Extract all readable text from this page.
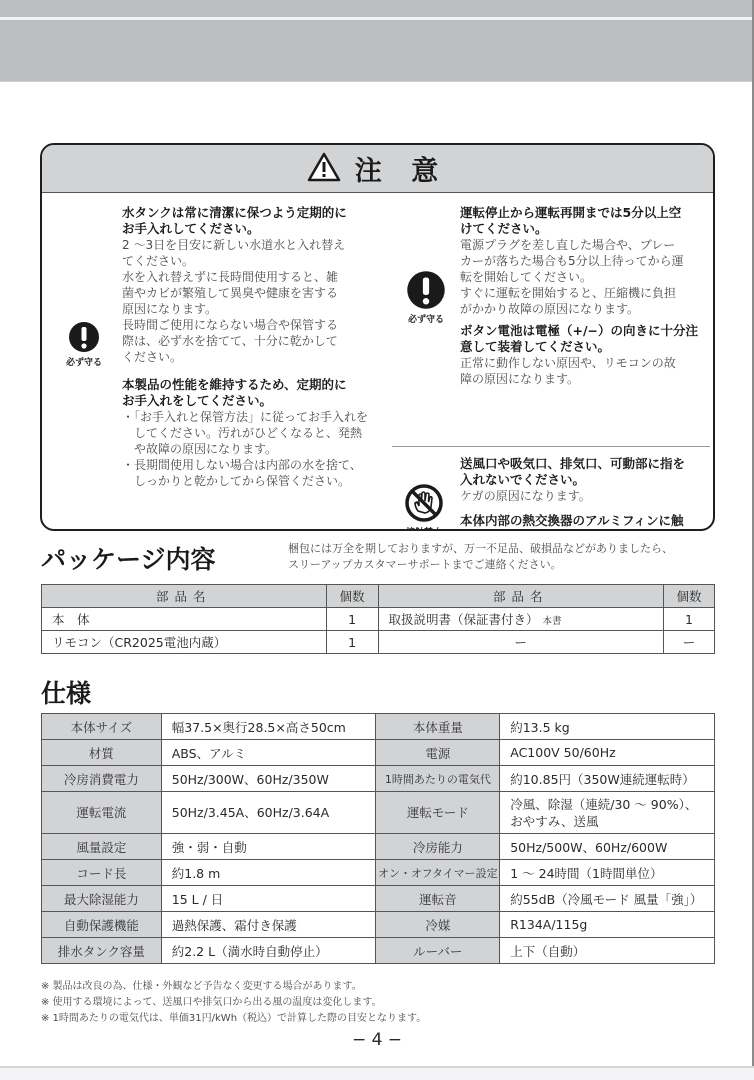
注 意
必ず守る
水タンクは常に清潔に保つよう定期的に
お手入れしてください。
2 〜3日を目安に新しい水道水と入れ替え
てください。
水を入れ替えずに長時間使用すると、雑
菌やカビが繁殖して異臭や健康を害する
原因になります。
長時間ご使用にならない場合や保管する
際は、必ず水を捨てて、十分に乾かして
ください。
本製品の性能を維持するため、定期的に
お手入れをしてください。
・「お手入れと保管方法」に従ってお手入れをしてください。汚れがひどくなると、発熱や故障の原因になります。
・長期間使用しない場合は内部の水を捨て、しっかりと乾かしてから保管ください。
必ず守る
運転停止から運転再開までは5分以上空
けてください。
電源プラグを差し直した場合や、ブレー
カーが落ちた場合も5分以上待ってから運
転を開始してください。
すぐに運転を開始すると、圧縮機に負担
がかかり故障の原因になります。
ボタン電池は電極（+/−）の向きに十分注
意して装着してください。
正常に動作しない原因や、リモコンの故
障の原因になります。
送風口や吸気口、排気口、可動部に指を
入れないでください。
ケガの原因になります。
本体内部の熱交換器のアルミフィンに触
パッケージ内容	梱包には万全を期しておりますが、万一不足品、破損品などがありましたら、
スリーアップカスタマーサポートまでご連絡ください。
部品名	個数	部品名	個数
本　体	1	取扱説明書（保証書付き） 本書	1
リモコン（CR2025電池内蔵）	1	ー	ー
仕様
本体サイズ	幅37.5×奥行28.5×高さ50cm	本体重量	約13.5 kg
材質	ABS、アルミ	電源	AC100V 50/60Hz
冷房消費電力	50Hz/300W、60Hz/350W	1時間あたりの電気代	約10.85円（350W連続運転時）
運転電流	50Hz/3.45A、60Hz/3.64A	運転モード	冷風、除湿（連続/30 〜 90%）、おやすみ、送風
風量設定	強・弱・自動	冷房能力	50Hz/500W、60Hz/600W
コード長	約1.8 m	オン・オフタイマー設定	1 〜 24時間（1時間単位）
最大除湿能力	15 L / 日	運転音	約55dB（冷風モード 風量「強」）
自動保護機能	過熱保護、霜付き保護	冷媒	R134A/115g
排水タンク容量	約2.2 L（満水時自動停止）	ルーバー	上下（自動）
※ 製品は改良の為、仕様・外観など予告なく変更する場合があります。
※ 使用する環境によって、送風口や排気口から出る風の温度は変化します。
※ 1時間あたりの電気代は、単価31円/kWh（税込）で計算した際の目安となります。
− 4 −
